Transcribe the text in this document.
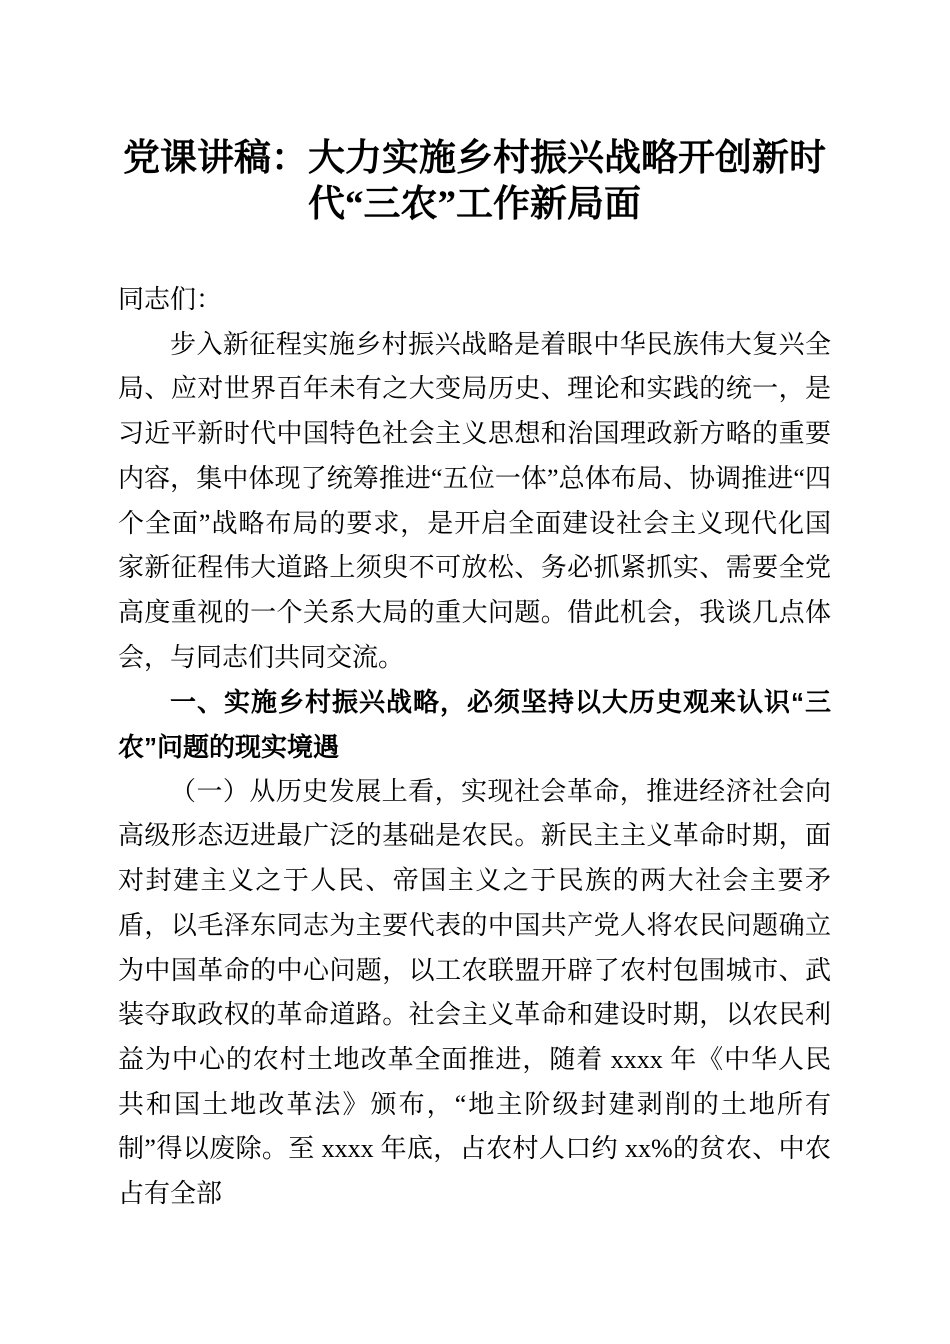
党课讲稿：大力实施乡村振兴战略开创新时代“三农”工作新局面

同志们：

步入新征程实施乡村振兴战略是着眼中华民族伟大复兴全局、应对世界百年未有之大变局历史、理论和实践的统一，是习近平新时代中国特色社会主义思想和治国理政新方略的重要内容，集中体现了统筹推进“五位一体”总体布局、协调推进“四个全面”战略布局的要求，是开启全面建设社会主义现代化国家新征程伟大道路上须臾不可放松、务必抓紧抓实、需要全党高度重视的一个关系大局的重大问题。借此机会，我谈几点体会，与同志们共同交流。

一、实施乡村振兴战略，必须坚持以大历史观来认识“三农”问题的现实境遇

（一）从历史发展上看，实现社会革命，推进经济社会向高级形态迈进最广泛的基础是农民。新民主主义革命时期，面对封建主义之于人民、帝国主义之于民族的两大社会主要矛盾，以毛泽东同志为主要代表的中国共产党人将农民问题确立为中国革命的中心问题，以工农联盟开辟了农村包围城市、武装夺取政权的革命道路。社会主义革命和建设时期，以农民利益为中心的农村土地改革全面推进，随着 xxxx 年《中华人民共和国土地改革法》颁布，“地主阶级封建剥削的土地所有制”得以废除。至 xxxx 年底，占农村人口约 xx%的贫农、中农占有全部
